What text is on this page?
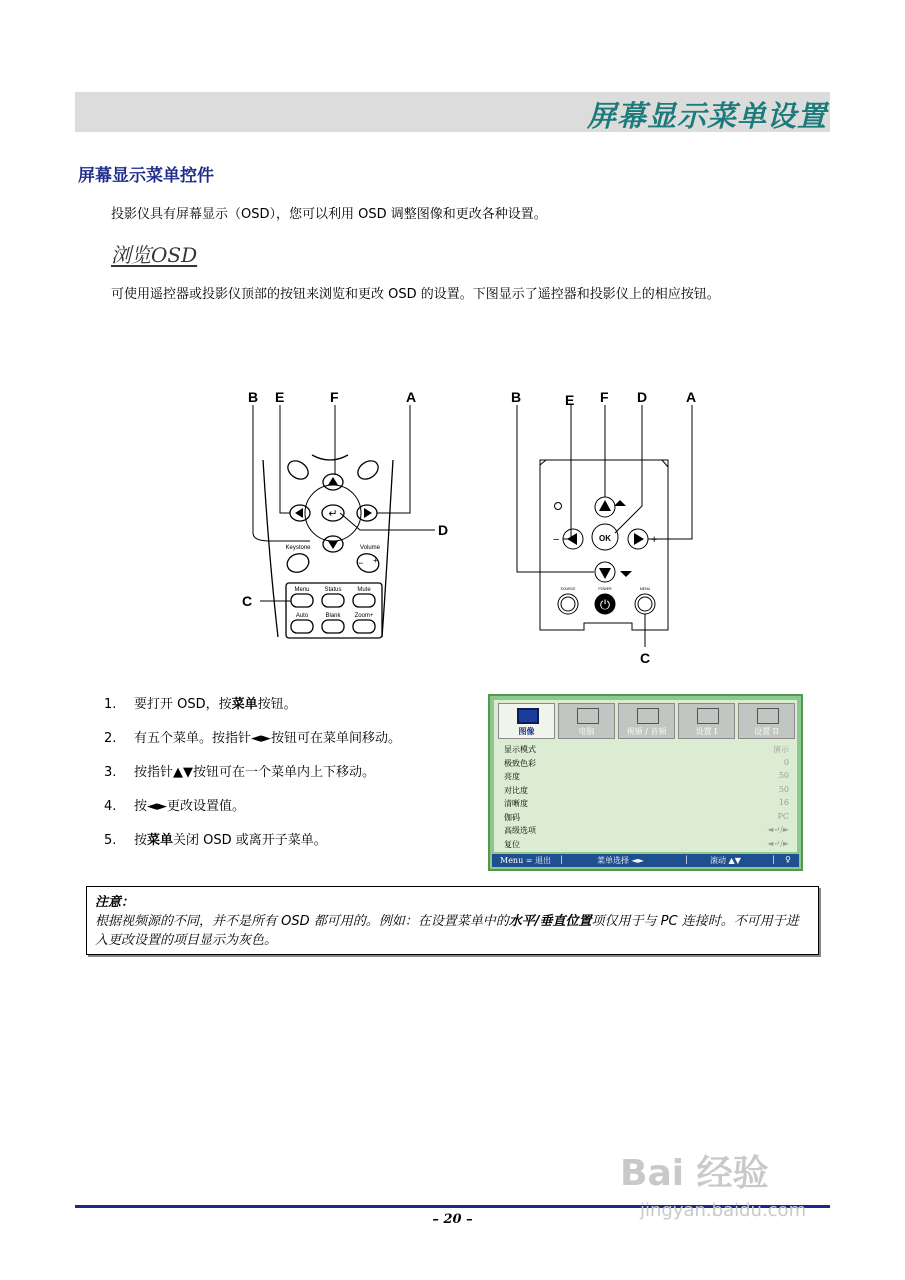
屏幕显示菜单设置
屏幕显示菜单控件
投影仪具有屏幕显示（OSD），您可以利用 OSD 调整图像和更改各种设置。
浏览OSD
可使用遥控器或投影仪顶部的按钮来浏览和更改 OSD 的设置。下图显示了遥控器和投影仪上的相应按钮。
↵
Keystone	Volume
− +
Menu Status	Mute
Auto	Blank Zoom+
B E	F	A
D
C	⏻
OK
SOURCE	POWER	MENU
−	+
B	E F D	A
C
1.	要打开 OSD，按菜单按钮。
2.	有五个菜单。按指针◄►按钮可在菜单间移动。
3.	按指针▲▼按钮可在一个菜单内上下移动。
4.	按◄►更改设置值。
5.	按菜单关闭 OSD 或离开子菜单。
图像	电脑	视频 / 音频	设置 I	设置 II
显示模式	演示
极致色彩	0
亮度	50
对比度	50
清晰度	16
伽码	PC
高级选项	◄↵/►
复位	◄↵/►
Menu = 退出 |	菜单选择 ◄►	|	滚动 ▲▼	| ♀
注意：
根据视频源的不同，并不是所有 OSD 都可用的。例如：在设置菜单中的水平/垂直位置项仅用于与 PC 连接时。不可用于进入更改设置的项目显示为灰色。
– 20 –
Bai 经验
jingyan.baidu.com
